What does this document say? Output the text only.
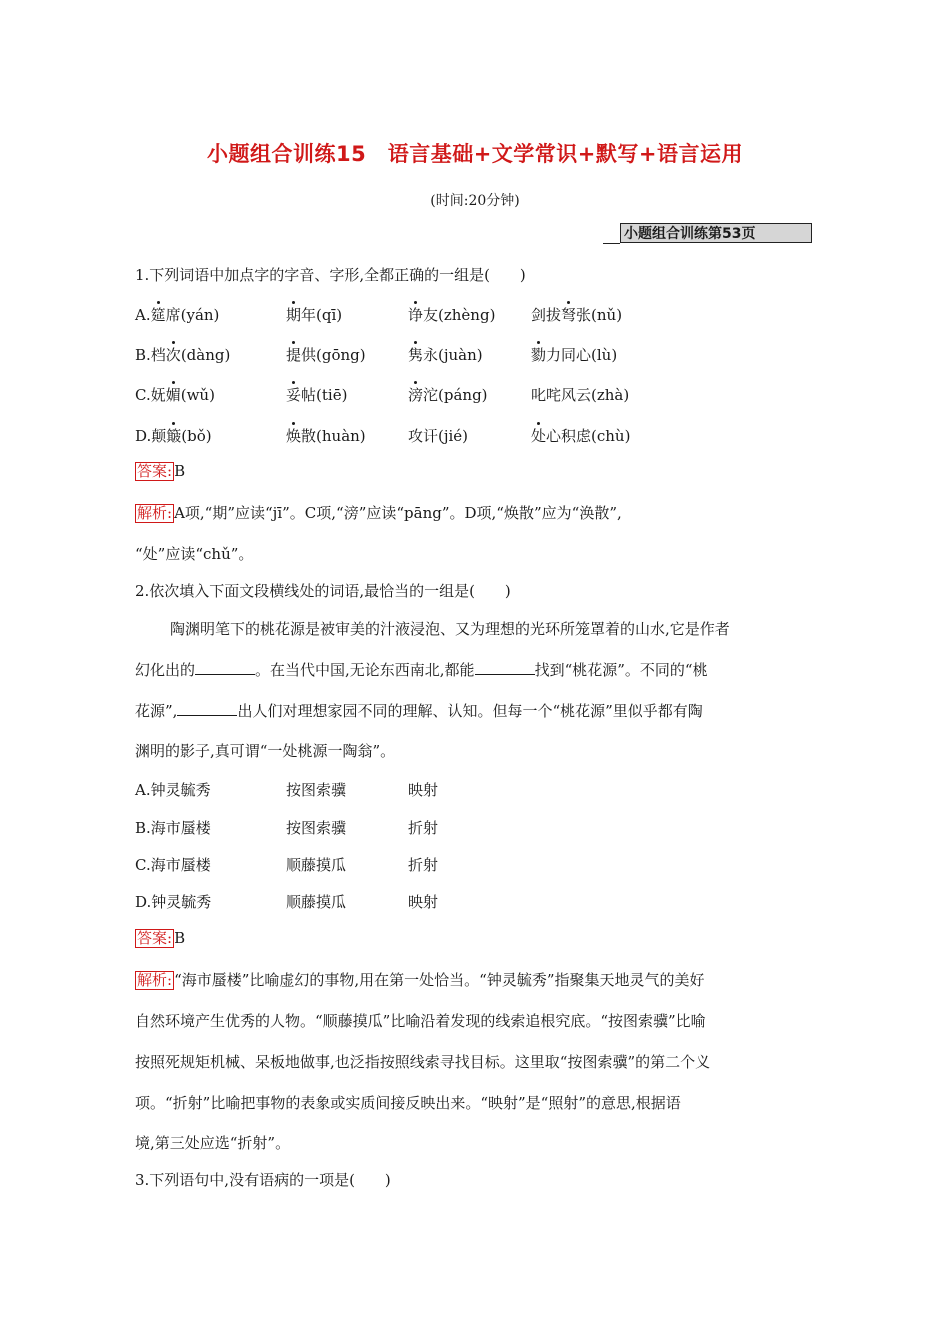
小题组合训练15　语言基础+文学常识+默写+语言运用
(时间:20分钟)
小题组合训练第53页
1.下列词语中加点字的字音、字形,全都正确的一组是(　　)
A.筵席(yán)	期年(qī)	诤友(zhèng) 剑拔弩张(nǔ)
B.档次(dàng)	提供(gōng)	隽永(juàn)	勠力同心(lù)
C.妩媚(wǔ)	妥帖(tiē)	滂沱(páng)	叱咤风云(zhà)
D.颠簸(bǒ)	焕散(huàn)	攻讦(jié)	处心积虑(chù)
答案: B
解析: A项,“期”应读“jī”。C项,“滂”应读“pāng”。D项,“焕散”应为“涣散”,
“处”应读“chǔ”。
2.依次填入下面文段横线处的词语,最恰当的一组是(　　)
陶渊明笔下的桃花源是被审美的汁液浸泡、又为理想的光环所笼罩着的山水,它是作者
幻化出的	。在当代中国,无论东西南北,都能	找到“桃花源”。不同的“桃
花源”,	出人们对理想家园不同的理解、认知。但每一个“桃花源”里似乎都有陶
渊明的影子,真可谓“一处桃源一陶翁”。
A.钟灵毓秀	按图索骥	映射
B.海市蜃楼	按图索骥	折射
C.海市蜃楼	顺藤摸瓜	折射
D.钟灵毓秀	顺藤摸瓜	映射
答案: B
解析: “海市蜃楼”比喻虚幻的事物,用在第一处恰当。“钟灵毓秀”指聚集天地灵气的美好
自然环境产生优秀的人物。“顺藤摸瓜”比喻沿着发现的线索追根究底。“按图索骥”比喻
按照死规矩机械、呆板地做事,也泛指按照线索寻找目标。这里取“按图索骥”的第二个义
项。“折射”比喻把事物的表象或实质间接反映出来。“映射”是“照射”的意思,根据语
境,第三处应选“折射”。
3.下列语句中,没有语病的一项是(　　)
